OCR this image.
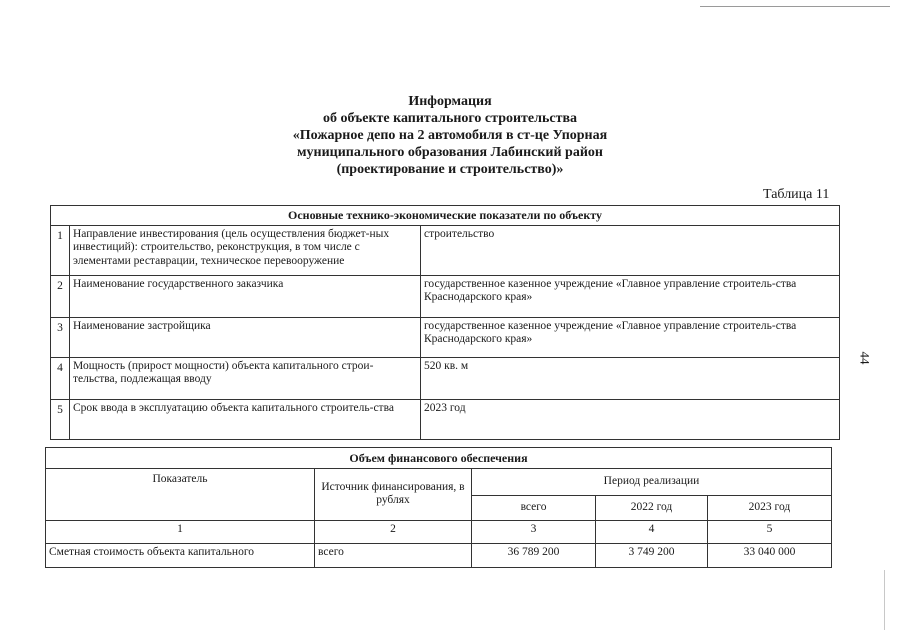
Информация
об объекте капитального строительства
«Пожарное депо на 2 автомобиля в ст-це Упорная
муниципального образования Лабинский район
(проектирование и строительство)»
44
Таблица 11
Основные технико-экономические показатели по объекту		
1	Направление инвестирования (цель осуществления бюджет-ных инвестиций): строительство, реконструкция, в том числе с элементами реставрации, техническое перевооружение	строительство
2	Наименование государственного заказчика	государственное казенное учреждение «Главное управление строитель-ства Краснодарского края»
3	Наименование застройщика	государственное казенное учреждение «Главное управление строитель-ства Краснодарского края»
4	Мощность (прирост мощности) объекта капитального строи-тельства, подлежащая вводу	520 кв. м
5	Срок ввода в эксплуатацию объекта капитального строитель-ства	2023 год
Объем финансового обеспечения				
Показатель	Источник финансирования, в рублях	Период реализации		
		всего	2022 год	2023 год
1	2	3	4	5
Сметная стоимость объекта капитального	всего	36 789 200	3 749 200	33 040 000
